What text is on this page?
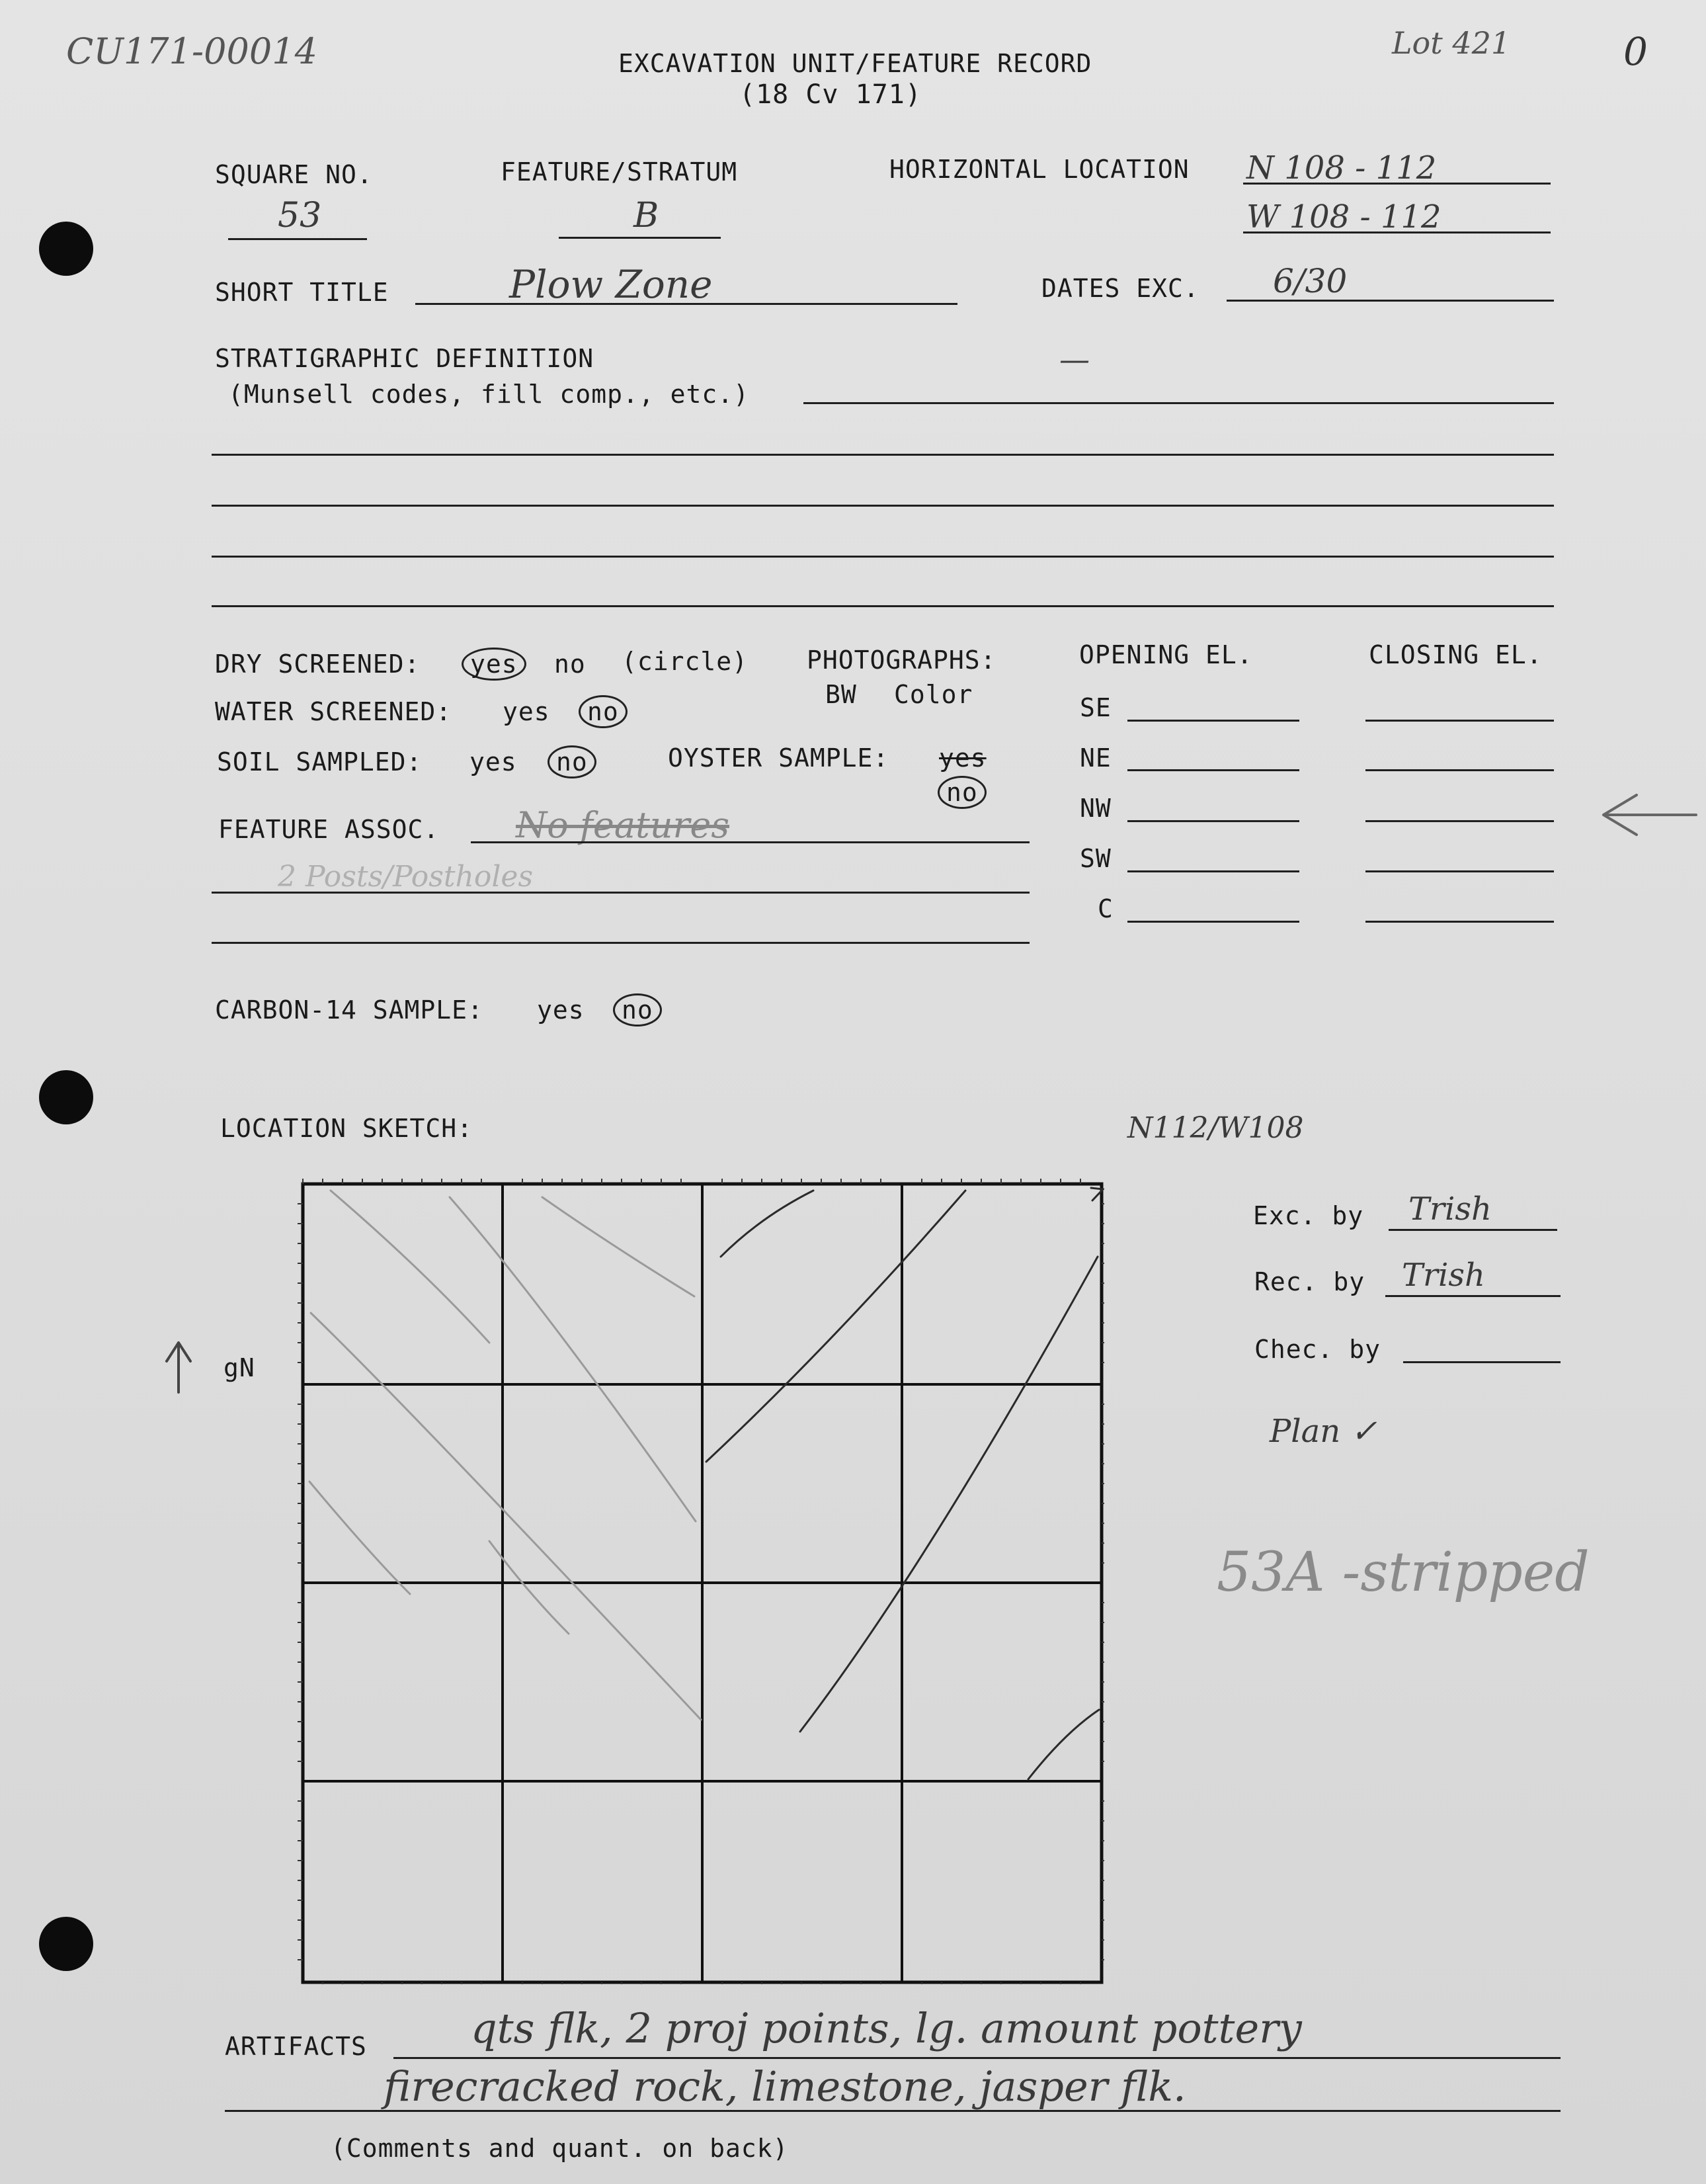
CU171-00014	Lot 421	0
EXCAVATION UNIT/FEATURE RECORD
(18 Cv 171)
SQUARE NO.
53
FEATURE/STRATUM
B
HORIZONTAL LOCATION N 108 - 112
W 108 - 112
SHORT TITLE	Plow Zone	DATES EXC. 6/30
STRATIGRAPHIC DEFINITION	—
(Munsell codes, fill comp., etc.)
DRY SCREENED: yes no (circle)
WATER SCREENED: yes no
SOIL SAMPLED: yes no
PHOTOGRAPHS:
BW Color
OYSTER SAMPLE: yes
no
FEATURE ASSOC. No features
2 Posts/Postholes
OPENING EL.	CLOSING EL.
SE
NE
NW
SW
C
CARBON-14 SAMPLE: yes no
LOCATION SKETCH:	N112/W108
gN
Exc. by Trish
Rec. by Trish
Chec. by
Plan ✓
53A -stripped
ARTIFACTS	qts flk, 2 proj points, lg. amount pottery
firecracked rock, limestone, jasper flk.
(Comments and quant. on back)
